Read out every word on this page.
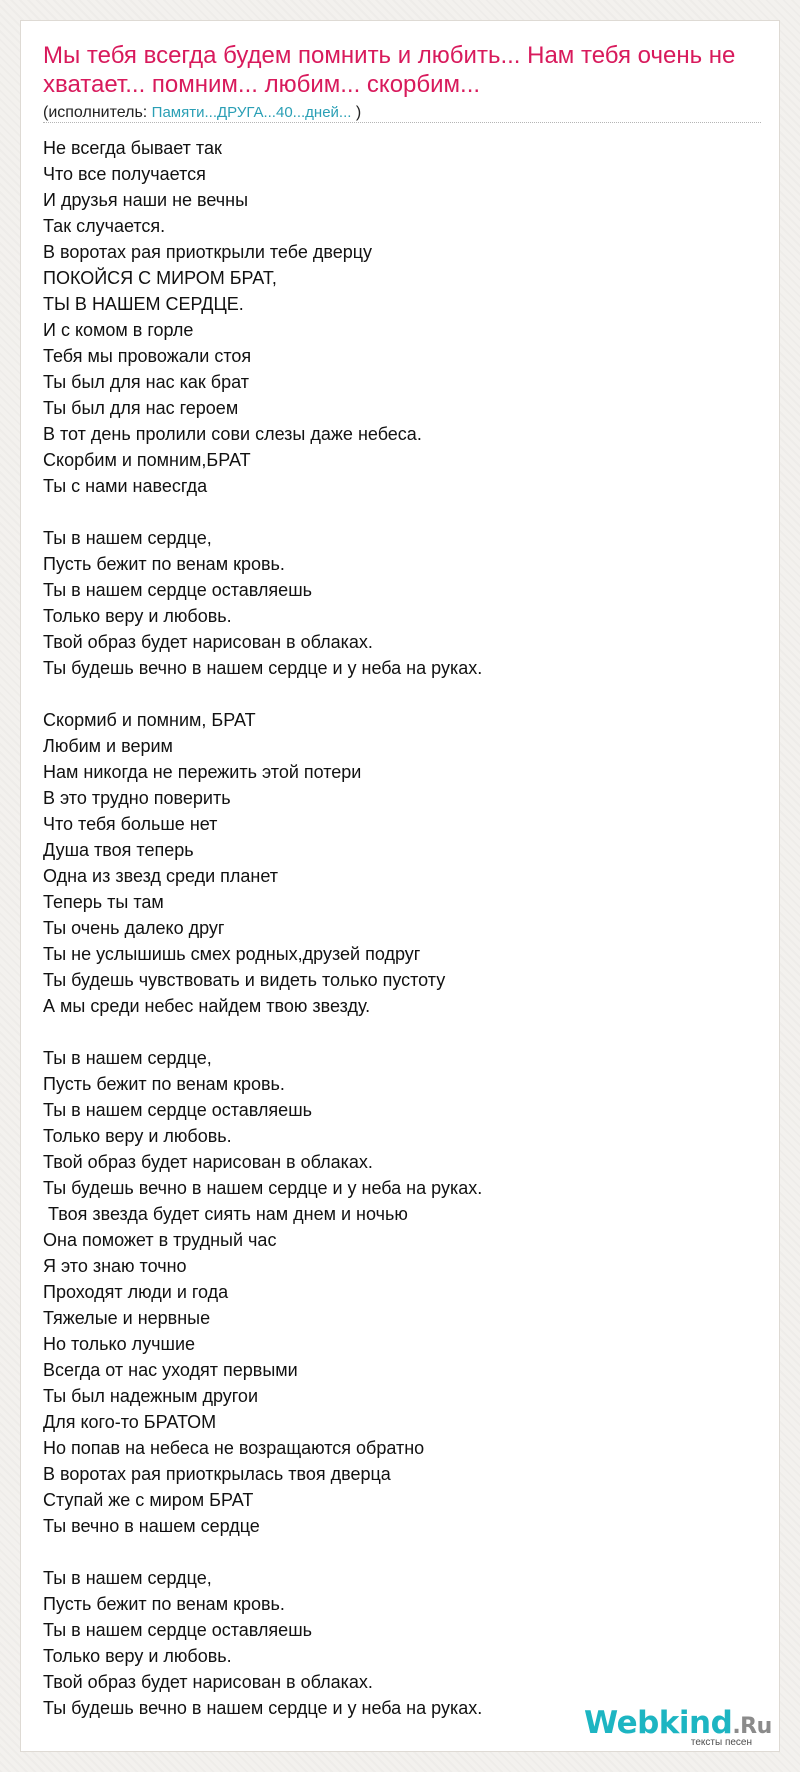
Мы тебя всегда будем помнить и любить... Нам тебя очень не хватает... помним... любим... скорбим...
(исполнитель: Памяти...ДРУГА...40...дней... )
Не всегда бывает так
Что все получается
И друзья наши не вечны
Так случается.
В воротах рая приоткрыли тебе дверцу
ПОКОЙСЯ С МИРОМ БРАТ,
ТЫ В НАШЕМ СЕРДЦЕ.
И с комом в горле
Тебя мы провожали стоя
Ты был для нас как брат
Ты был для нас героем
В тот день пролили сови слезы даже небеса.
Скорбим и помним,БРАТ
Ты с нами навесгда

Ты в нашем сердце,
Пусть бежит по венам кровь.
Ты в нашем сердце оставляешь
Только веру и любовь.
Твой образ будет нарисован в облаках.
Ты будешь вечно в нашем сердце и у неба на руках.

Скормиб и помним, БРАТ
Любим и верим
Нам никогда не пережить этой потери
В это трудно поверить
Что тебя больше нет
Душа твоя теперь
Одна из звезд среди планет
Теперь ты там
Ты очень далеко друг
Ты не услышишь смех родных,друзей подруг
Ты будешь чувствовать и видеть только пустоту
А мы среди небес найдем твою звезду.

Ты в нашем сердце,
Пусть бежит по венам кровь.
Ты в нашем сердце оставляешь
Только веру и любовь.
Твой образ будет нарисован в облаках.
Ты будешь вечно в нашем сердце и у неба на руках.
Твоя звезда будет сиять нам днем и ночью
Она поможет в трудный час
Я это знаю точно
Проходят люди и года
Тяжелые и нервные
Но только лучшие
Всегда от нас уходят первыми
Ты был надежным другои
Для кого-то БРАТОМ
Но попав на небеса не возращаются обратно
В воротах рая приоткрылась твоя дверца
Ступай же с миром БРАТ
Ты вечно в нашем сердце

Ты в нашем сердце,
Пусть бежит по венам кровь.
Ты в нашем сердце оставляешь
Только веру и любовь.
Твой образ будет нарисован в облаках.
Ты будешь вечно в нашем сердце и у неба на руках.	Webkind.Ru
тексты песен
